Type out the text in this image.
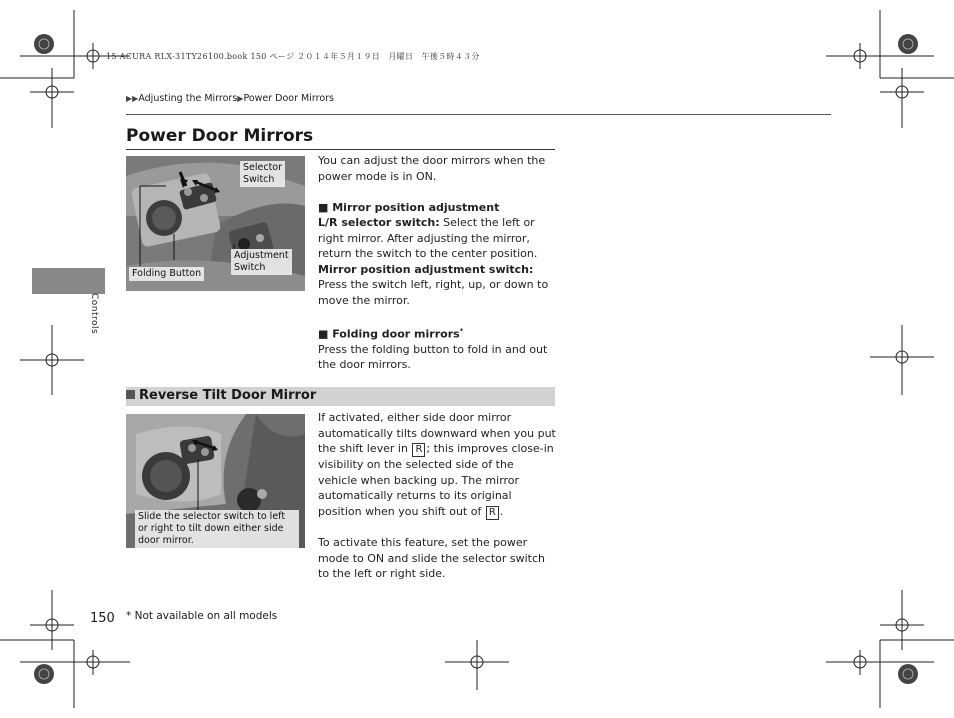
15 ACURA RLX-31TY26100.book 150 ページ ２０１４年５月１９日　月曜日　午後５時４３分
▶▶Adjusting the Mirrors▶Power Door Mirrors
Power Door Mirrors
Controls
Selector
Switch
Adjustment
Switch
Folding Button

You can adjust the door mirrors when the power mode is in ON.

■ Mirror position adjustment

L/R selector switch: Select the left or right mirror. After adjusting the mirror, return the switch to the center position.

Mirror position adjustment switch: Press the switch left, right, up, or down to move the mirror.

■ Folding door mirrors*

Press the folding button to fold in and out the door mirrors.

Reverse Tilt Door Mirror
Slide the selector switch to left or right to tilt down either side door mirror.

If activated, either side door mirror automatically tilts downward when you put the shift lever in R ; this improves close-in visibility on the selected side of the vehicle when backing up. The mirror automatically returns to its original position when you shift out of R .

To activate this feature, set the power mode to ON and slide the selector switch to the left or right side.

150 * Not available on all models
